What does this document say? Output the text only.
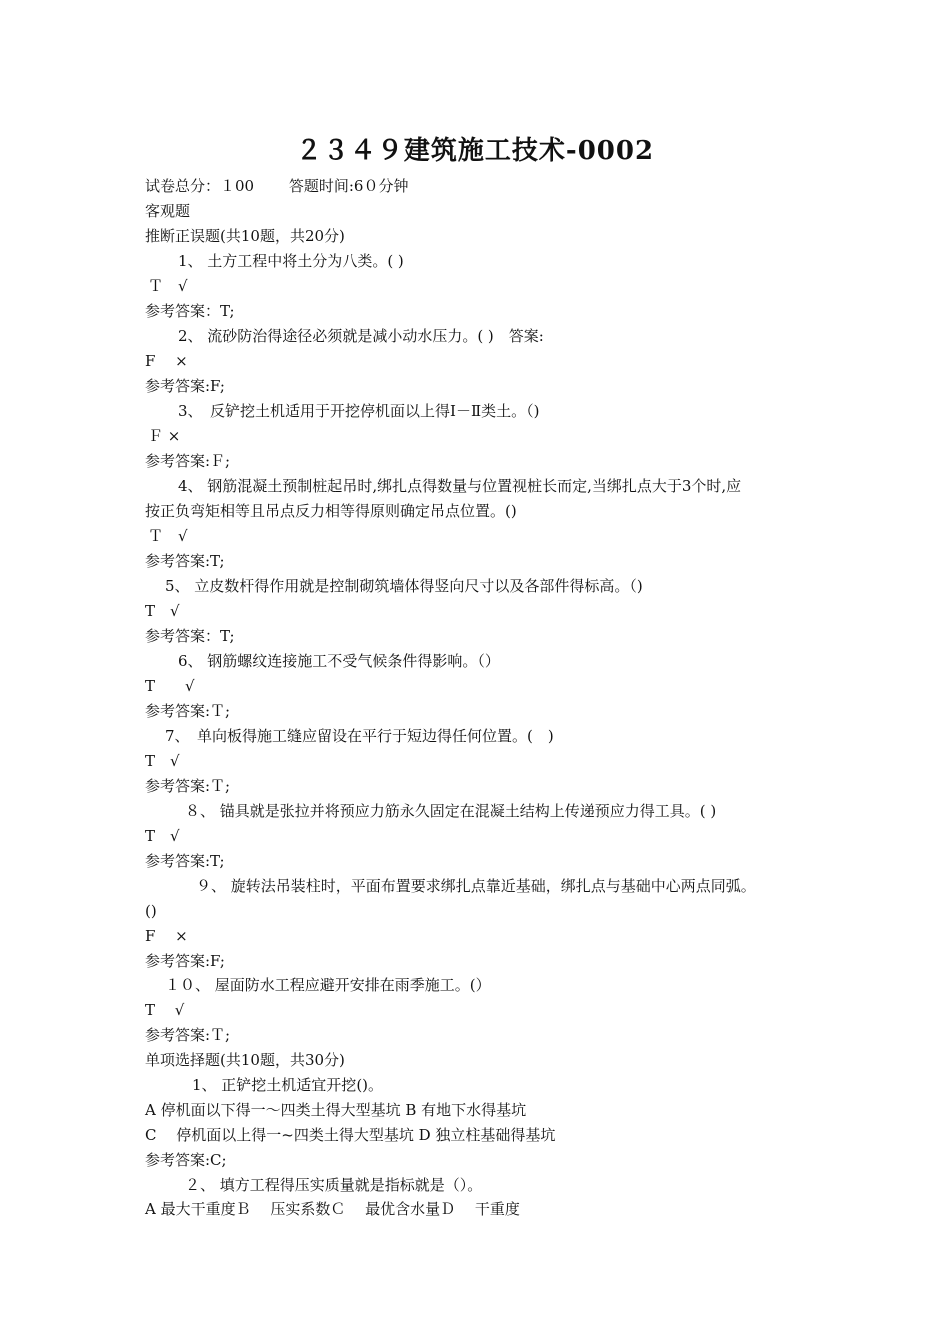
２３４９建筑施工技术-0002
试卷总分：１00　　 答题时间:6０分钟
客观题
推断正误题(共10题，共20分)
1、 土方工程中将土分为八类。( )
Ｔ　√
参考答案：T;
2、 流砂防治得途径必须就是减小动水压力。( )　答案:
F　 ×
参考答案:F;
3、　反铲挖土机适用于开挖停机面以上得Ⅰ－Ⅱ类土。（)
Ｆ ×
参考答案:Ｆ;
4、 钢筋混凝土预制桩起吊时,绑扎点得数量与位置视桩长而定,当绑扎点大于3个时,应
按正负弯矩相等且吊点反力相等得原则确定吊点位置。()
Ｔ　√
参考答案:T;
5、 立皮数杆得作用就是控制砌筑墙体得竖向尺寸以及各部件得标高。（)
T　√
参考答案：T;
6、 钢筋螺纹连接施工不受气候条件得影响。（）
T　　√
参考答案:Ｔ;
7、　单向板得施工缝应留设在平行于短边得任何位置。(　)
T　√
参考答案:Ｔ;
８、 锚具就是张拉并将预应力筋永久固定在混凝土结构上传递预应力得工具。( )
T　√
参考答案:T;
９、 旋转法吊装柱时，平面布置要求绑扎点靠近基础，绑扎点与基础中心两点同弧。
()
F　 ×
参考答案:F;
１０、 屋面防水工程应避开安排在雨季施工。(）
T　 √
参考答案:Ｔ;
单项选择题(共10题，共30分)
1、 正铲挖土机适宜开挖()。
A 停机面以下得一～四类土得大型基坑 B 有地下水得基坑
C　 停机面以上得一~四类土得大型基坑 D 独立柱基础得基坑
参考答案:C;
２、 填方工程得压实质量就是指标就是（）。
A 最大干重度Ｂ　 压实系数Ｃ　 最优含水量Ｄ　 干重度
